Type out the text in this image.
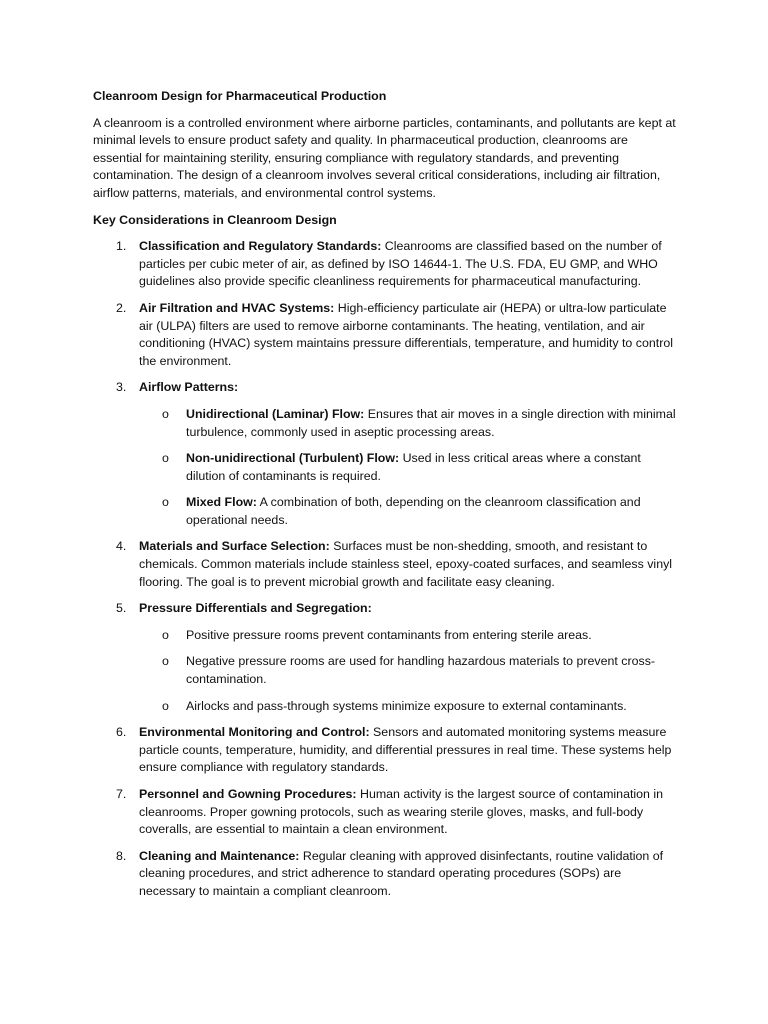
Cleanroom Design for Pharmaceutical Production
A cleanroom is a controlled environment where airborne particles, contaminants, and pollutants are kept at minimal levels to ensure product safety and quality. In pharmaceutical production, cleanrooms are essential for maintaining sterility, ensuring compliance with regulatory standards, and preventing contamination. The design of a cleanroom involves several critical considerations, including air filtration, airflow patterns, materials, and environmental control systems.
Key Considerations in Cleanroom Design
1. Classification and Regulatory Standards: Cleanrooms are classified based on the number of particles per cubic meter of air, as defined by ISO 14644-1. The U.S. FDA, EU GMP, and WHO guidelines also provide specific cleanliness requirements for pharmaceutical manufacturing.
2. Air Filtration and HVAC Systems: High-efficiency particulate air (HEPA) or ultra-low particulate air (ULPA) filters are used to remove airborne contaminants. The heating, ventilation, and air conditioning (HVAC) system maintains pressure differentials, temperature, and humidity to control the environment.
3. Airflow Patterns:
o Unidirectional (Laminar) Flow: Ensures that air moves in a single direction with minimal turbulence, commonly used in aseptic processing areas.
o Non-unidirectional (Turbulent) Flow: Used in less critical areas where a constant dilution of contaminants is required.
o Mixed Flow: A combination of both, depending on the cleanroom classification and operational needs.
4. Materials and Surface Selection: Surfaces must be non-shedding, smooth, and resistant to chemicals. Common materials include stainless steel, epoxy-coated surfaces, and seamless vinyl flooring. The goal is to prevent microbial growth and facilitate easy cleaning.
5. Pressure Differentials and Segregation:
o Positive pressure rooms prevent contaminants from entering sterile areas.
o Negative pressure rooms are used for handling hazardous materials to prevent cross-contamination.
o Airlocks and pass-through systems minimize exposure to external contaminants.
6. Environmental Monitoring and Control: Sensors and automated monitoring systems measure particle counts, temperature, humidity, and differential pressures in real time. These systems help ensure compliance with regulatory standards.
7. Personnel and Gowning Procedures: Human activity is the largest source of contamination in cleanrooms. Proper gowning protocols, such as wearing sterile gloves, masks, and full-body coveralls, are essential to maintain a clean environment.
8. Cleaning and Maintenance: Regular cleaning with approved disinfectants, routine validation of cleaning procedures, and strict adherence to standard operating procedures (SOPs) are necessary to maintain a compliant cleanroom.
